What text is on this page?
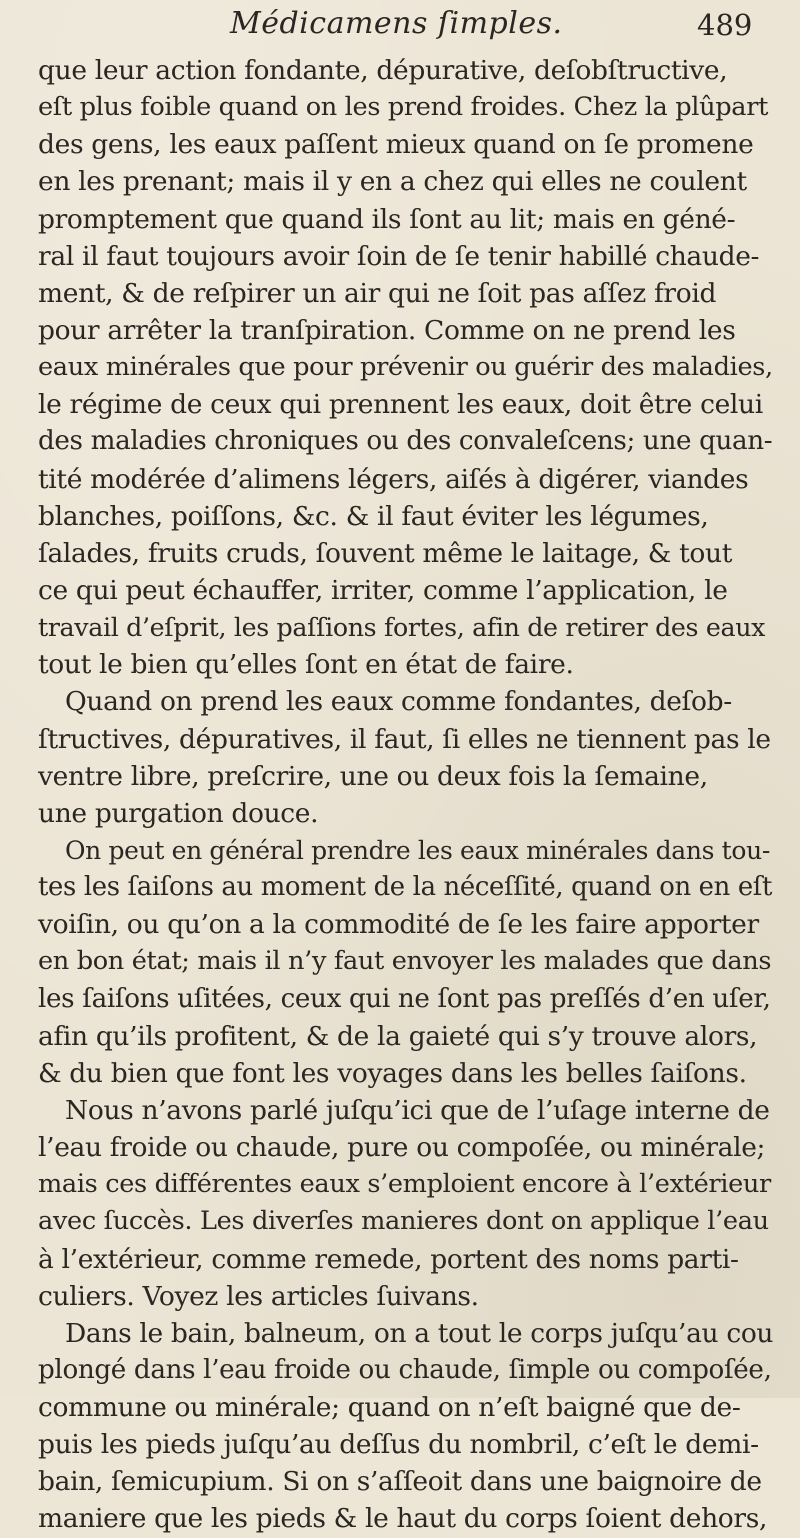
Médicamens ſimples.	489
que leur action fondante, dépurative, deſobſtructive,
eſt plus foible quand on les prend froides. Chez la plûpart
des gens, les eaux paſſent mieux quand on ſe promene
en les prenant; mais il y en a chez qui elles ne coulent
promptement que quand ils ſont au lit; mais en géné-
ral il faut toujours avoir ſoin de ſe tenir habillé chaude-
ment, & de reſpirer un air qui ne ſoit pas aſſez froid
pour arrêter la tranſpiration. Comme on ne prend les
eaux minérales que pour prévenir ou guérir des maladies,
le régime de ceux qui prennent les eaux, doit être celui
des maladies chroniques ou des convaleſcens; une quan-
tité modérée d’alimens légers, aiſés à digérer, viandes
blanches, poiſſons, &c. & il faut éviter les légumes,
ſalades, fruits cruds, ſouvent même le laitage, & tout
ce qui peut échauffer, irriter, comme l’application, le
travail d’eſprit, les paſſions fortes, afin de retirer des eaux
tout le bien qu’elles ſont en état de faire.
Quand on prend les eaux comme fondantes, deſob-
ſtructives, dépuratives, il faut, ſi elles ne tiennent pas le
ventre libre, preſcrire, une ou deux fois la ſemaine,
une purgation douce.
On peut en général prendre les eaux minérales dans tou-
tes les ſaiſons au moment de la néceſſité, quand on en eſt
voiſin, ou qu’on a la commodité de ſe les faire apporter
en bon état; mais il n’y faut envoyer les malades que dans
les ſaiſons uſitées, ceux qui ne ſont pas preſſés d’en uſer,
afin qu’ils profitent, & de la gaieté qui s’y trouve alors,
& du bien que font les voyages dans les belles ſaiſons.
Nous n’avons parlé juſqu’ici que de l’uſage interne de
l’eau froide ou chaude, pure ou compoſée, ou minérale;
mais ces différentes eaux s’emploient encore à l’extérieur
avec ſuccès. Les diverſes manieres dont on applique l’eau
à l’extérieur, comme remede, portent des noms parti-
culiers. Voyez les articles ſuivans.
Dans le bain, balneum, on a tout le corps juſqu’au cou
plongé dans l’eau froide ou chaude, ſimple ou compoſée,
commune ou minérale; quand on n’eſt baigné que de-
puis les pieds juſqu’au deſſus du nombril, c’eſt le demi-
bain, ſemicupium. Si on s’aſſeoit dans une baignoire de
maniere que les pieds & le haut du corps ſoient dehors,
